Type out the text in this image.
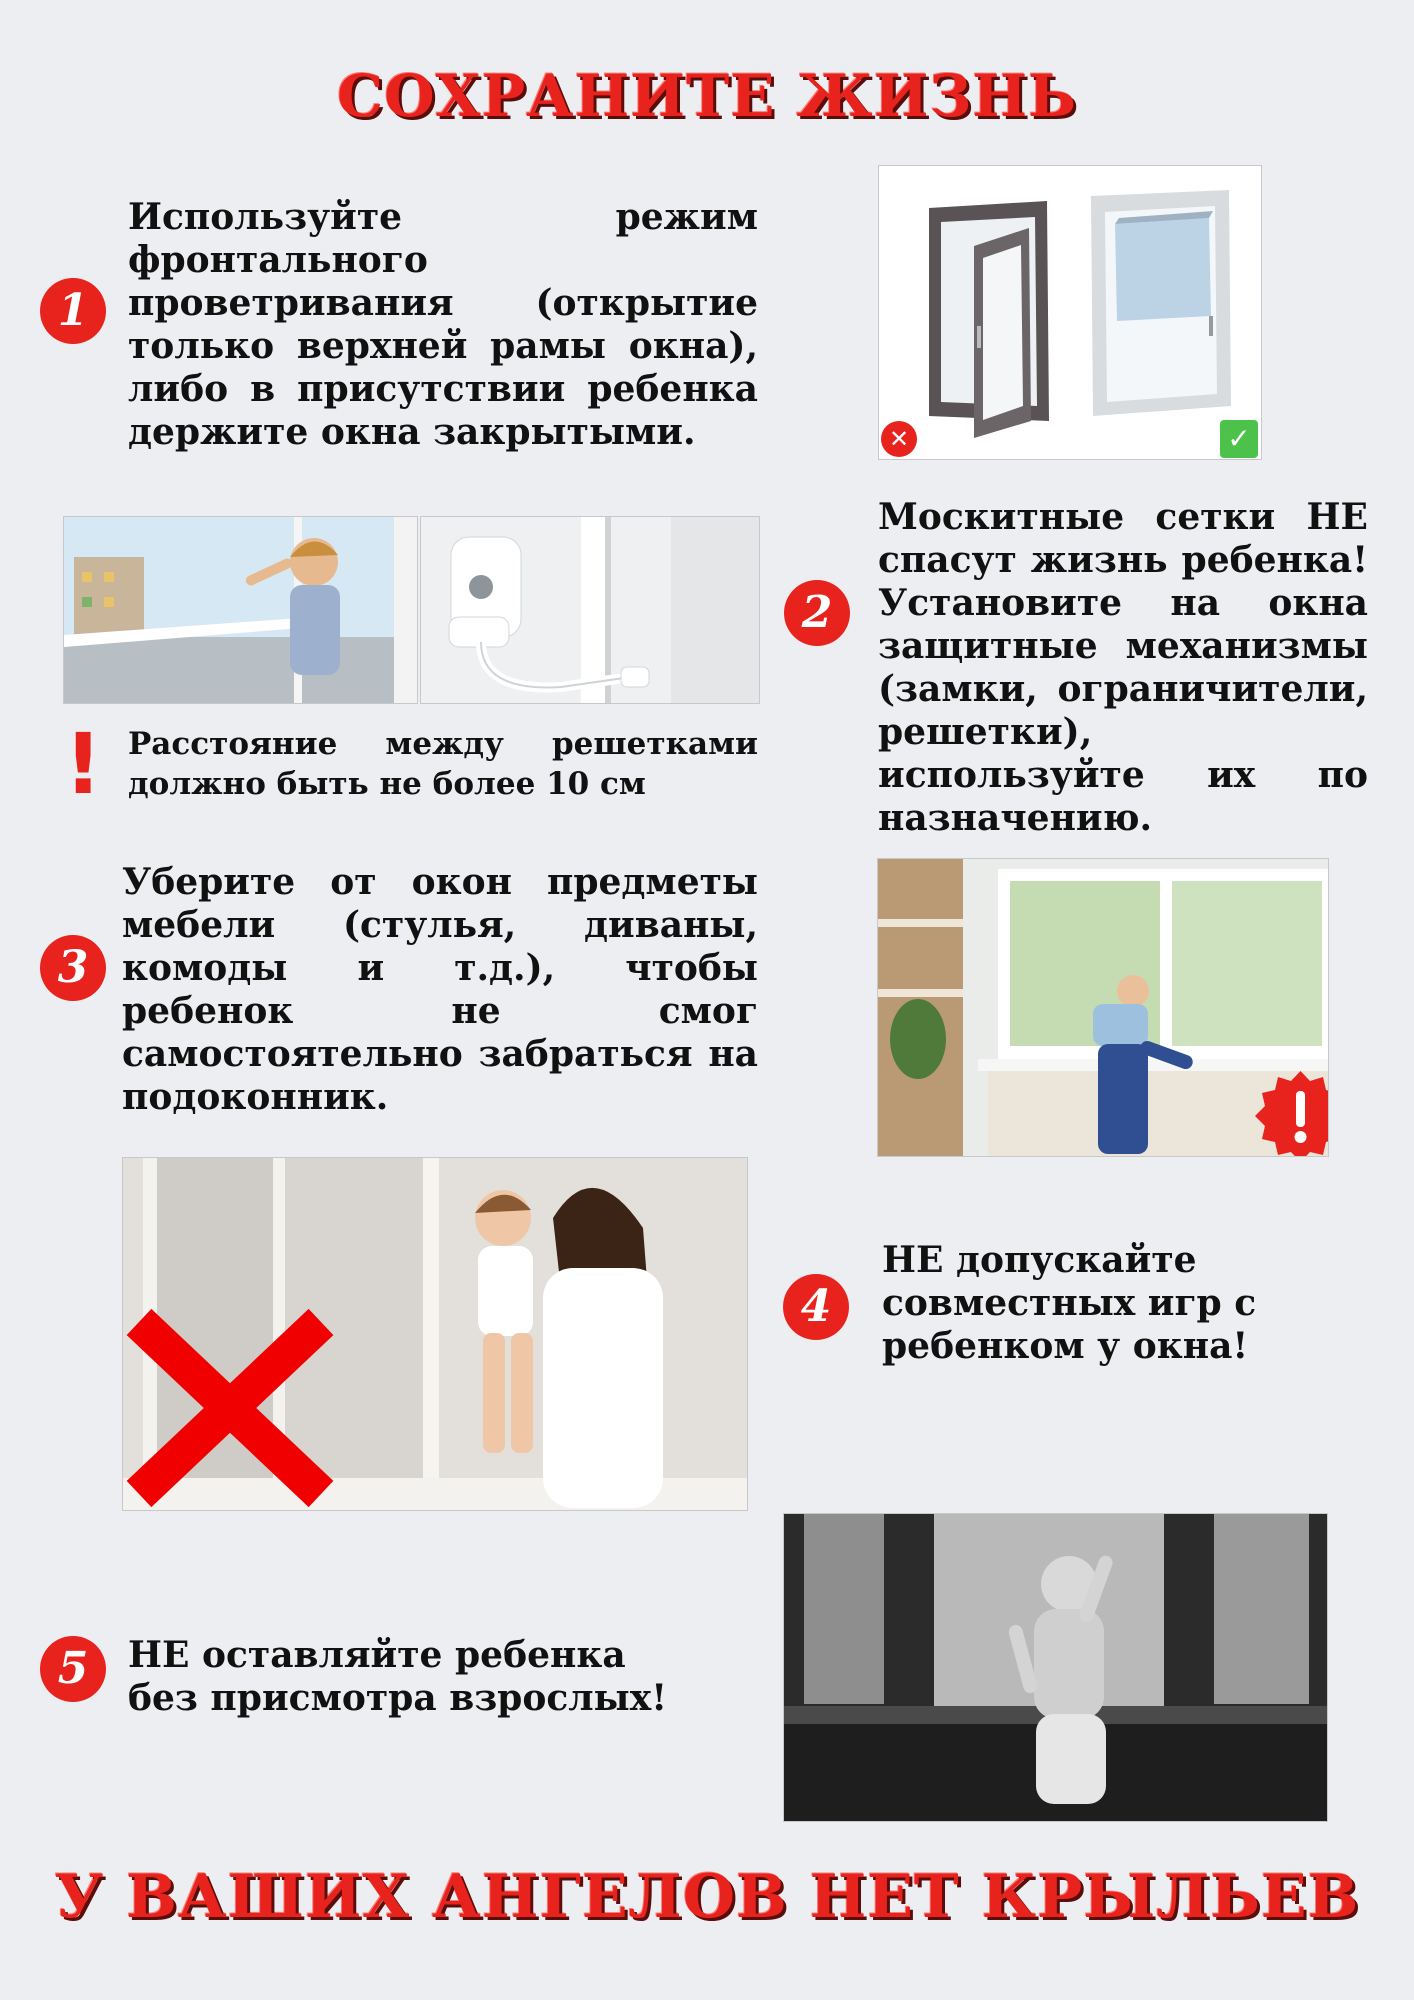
СОХРАНИТЕ ЖИЗНЬ
1
Используйте режим фронтального проветривания (открытие только верхней рамы окна), либо в присутствии ребенка держите окна закрытыми.	✕	✓
! Расстояние между решетками должно быть не более 10 см
2
Москитные сетки НЕ спасут жизнь ребенка! Установите на окна защитные механизмы (замки, ограничители, решетки), используйте их по назначению.
3
Уберите от окон предметы мебели (стулья, диваны, комоды и т.д.), чтобы ребенок не смог самостоятельно забраться на подоконник.
4
НЕ допускайте совместных игр с ребенком у окна!
5	НЕ оставляйте ребенка без присмотра взрослых!
У ВАШИХ АНГЕЛОВ НЕТ КРЫЛЬЕВ
